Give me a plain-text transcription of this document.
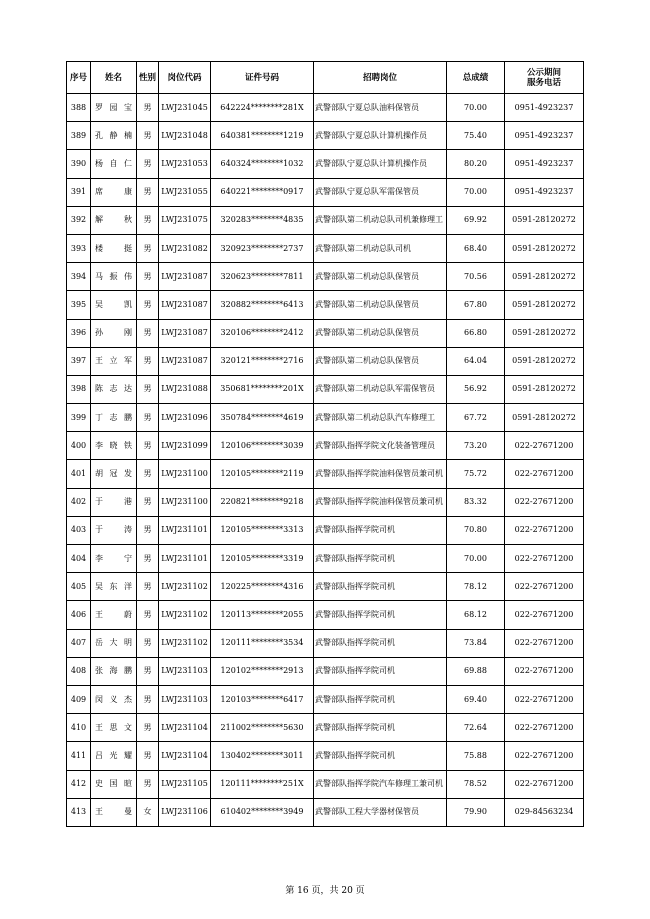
序号	姓名	性别	岗位代码	证件号码	招聘岗位	总成绩	公示期间
服务电话
388	罗园宝	男	LWJ231045	642224********281X	武警部队宁夏总队油料保管员	70.00	0951-4923237
389	孔静楠	男	LWJ231048	640381********1219	武警部队宁夏总队计算机操作员	75.40	0951-4923237
390	杨自仁	男	LWJ231053	640324********1032	武警部队宁夏总队计算机操作员	80.20	0951-4923237
391	席康	男	LWJ231055	640221********0917	武警部队宁夏总队军需保管员	70.00	0951-4923237
392	解秋	男	LWJ231075	320283********4835	武警部队第二机动总队司机兼修理工	69.92	0591-28120272
393	楼挺	男	LWJ231082	320923********2737	武警部队第二机动总队司机	68.40	0591-28120272
394	马振伟	男	LWJ231087	320623********7811	武警部队第二机动总队保管员	70.56	0591-28120272
395	吴凯	男	LWJ231087	320882********6413	武警部队第二机动总队保管员	67.80	0591-28120272
396	孙刚	男	LWJ231087	320106********2412	武警部队第二机动总队保管员	66.80	0591-28120272
397	王立军	男	LWJ231087	320121********2716	武警部队第二机动总队保管员	64.04	0591-28120272
398	陈志达	男	LWJ231088	350681********201X	武警部队第二机动总队军需保管员	56.92	0591-28120272
399	丁志鹏	男	LWJ231096	350784********4619	武警部队第二机动总队汽车修理工	67.72	0591-28120272
400	李晓铁	男	LWJ231099	120106********3039	武警部队指挥学院文化装备管理员	73.20	022-27671200
401	胡冠发	男	LWJ231100	120105********2119	武警部队指挥学院油料保管员兼司机	75.72	022-27671200
402	于港	男	LWJ231100	220821********9218	武警部队指挥学院油料保管员兼司机	83.32	022-27671200
403	于涛	男	LWJ231101	120105********3313	武警部队指挥学院司机	70.80	022-27671200
404	李宁	男	LWJ231101	120105********3319	武警部队指挥学院司机	70.00	022-27671200
405	吴东洋	男	LWJ231102	120225********4316	武警部队指挥学院司机	78.12	022-27671200
406	王蔚	男	LWJ231102	120113********2055	武警部队指挥学院司机	68.12	022-27671200
407	岳大明	男	LWJ231102	120111********3534	武警部队指挥学院司机	73.84	022-27671200
408	张海鹏	男	LWJ231103	120102********2913	武警部队指挥学院司机	69.88	022-27671200
409	闵义杰	男	LWJ231103	120103********6417	武警部队指挥学院司机	69.40	022-27671200
410	王思文	男	LWJ231104	211002********5630	武警部队指挥学院司机	72.64	022-27671200
411	吕光耀	男	LWJ231104	130402********3011	武警部队指挥学院司机	75.88	022-27671200
412	史国暄	男	LWJ231105	120111********251X	武警部队指挥学院汽车修理工兼司机	78.52	022-27671200
413	王曼	女	LWJ231106	610402********3949	武警部队工程大学器材保管员	79.90	029-84563234
第 16 页，共 20 页
